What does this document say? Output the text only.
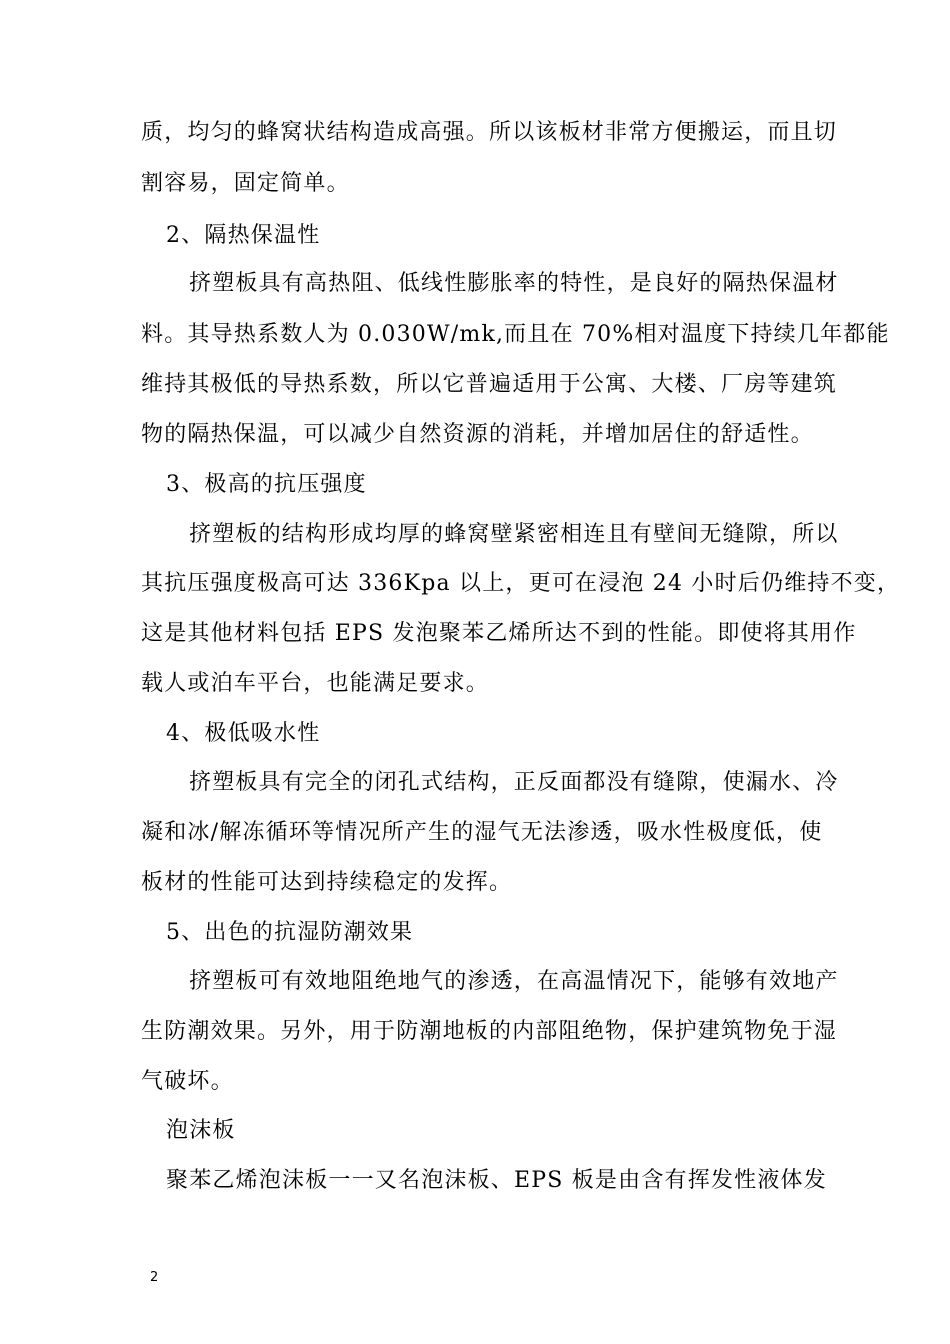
质，均匀的蜂窝状结构造成高强。所以该板材非常方便搬运，而且切
割容易，固定简单。
2、隔热保温性
挤塑板具有高热阻、低线性膨胀率的特性，是良好的隔热保温材
料。其导热系数人为 0.030W/mk,而且在 70%相对温度下持续几年都能
维持其极低的导热系数，所以它普遍适用于公寓、大楼、厂房等建筑
物的隔热保温，可以减少自然资源的消耗，并增加居住的舒适性。
3、极高的抗压强度
挤塑板的结构形成均厚的蜂窝壁紧密相连且有壁间无缝隙，所以
其抗压强度极高可达 336Kpa 以上，更可在浸泡 24 小时后仍维持不变，
这是其他材料包括 EPS 发泡聚苯乙烯所达不到的性能。即使将其用作
载人或泊车平台，也能满足要求。
4、极低吸水性
挤塑板具有完全的闭孔式结构，正反面都没有缝隙，使漏水、冷
凝和冰/解冻循环等情况所产生的湿气无法渗透，吸水性极度低，使
板材的性能可达到持续稳定的发挥。
5、出色的抗湿防潮效果
挤塑板可有效地阻绝地气的渗透，在高温情况下，能够有效地产
生防潮效果。另外，用于防潮地板的内部阻绝物，保护建筑物免于湿
气破坏。
泡沫板
聚苯乙烯泡沫板一一又名泡沫板、EPS 板是由含有挥发性液体发
2
